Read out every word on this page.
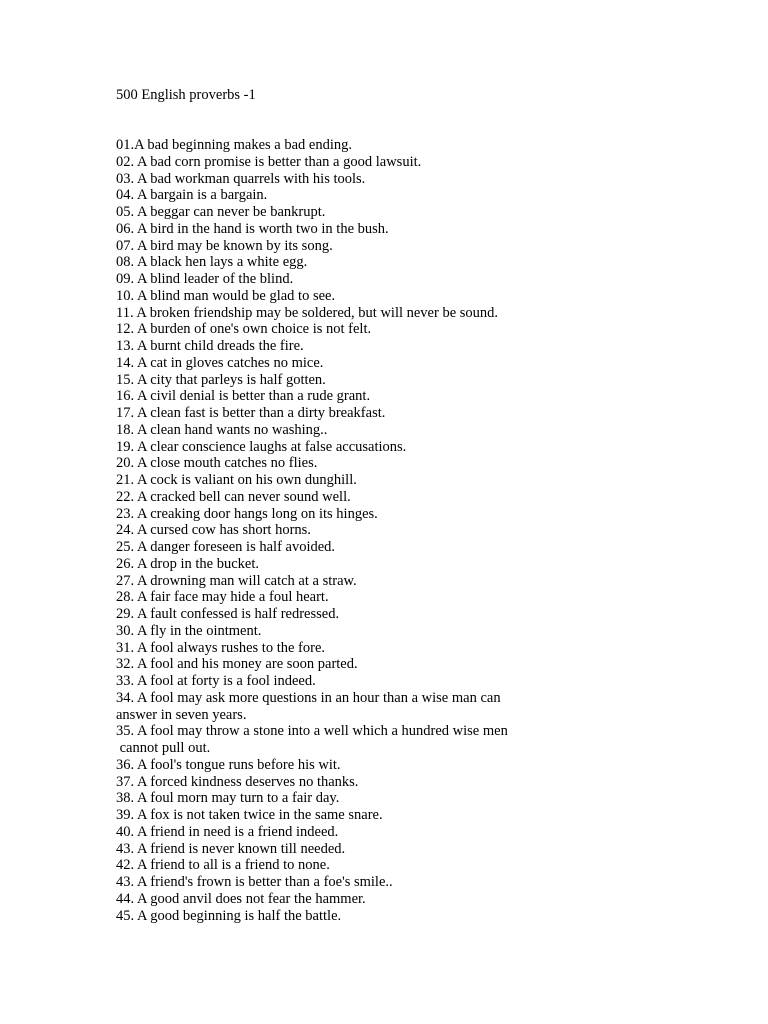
500 English proverbs -1
01.A bad beginning makes a bad ending.
02. A bad corn promise is better than a good lawsuit.
03. A bad workman quarrels with his tools.
04. A bargain is a bargain.
05. A beggar can never be bankrupt.
06. A bird in the hand is worth two in the bush.
07. A bird may be known by its song.
08. A black hen lays a white egg.
09. A blind leader of the blind.
10. A blind man would be glad to see.
11. A broken friendship may be soldered, but will never be sound.
12. A burden of one's own choice is not felt.
13. A burnt child dreads the fire.
14. A cat in gloves catches no mice.
15. A city that parleys is half gotten.
16. A civil denial is better than a rude grant.
17. A clean fast is better than a dirty breakfast.
18. A clean hand wants no washing..
19. A clear conscience laughs at false accusations.
20. A close mouth catches no flies.
21. A cock is valiant on his own dunghill.
22. A cracked bell can never sound well.
23. A creaking door hangs long on its hinges.
24. A cursed cow has short horns.
25. A danger foreseen is half avoided.
26. A drop in the bucket.
27. A drowning man will catch at a straw.
28. A fair face may hide a foul heart.
29. A fault confessed is half redressed.
30. A fly in the ointment.
31. A fool always rushes to the fore.
32. A fool and his money are soon parted.
33. A fool at forty is a fool indeed.
34. A fool may ask more questions in an hour than a wise man can
answer in seven years.
35. A fool may throw a stone into a well which a hundred wise men
cannot pull out.
36. A fool's tongue runs before his wit.
37. A forced kindness deserves no thanks.
38. A foul morn may turn to a fair day.
39. A fox is not taken twice in the same snare.
40. A friend in need is a friend indeed.
43. A friend is never known till needed.
42. A friend to all is a friend to none.
43. A friend's frown is better than a foe's smile..
44. A good anvil does not fear the hammer.
45. A good beginning is half the battle.
